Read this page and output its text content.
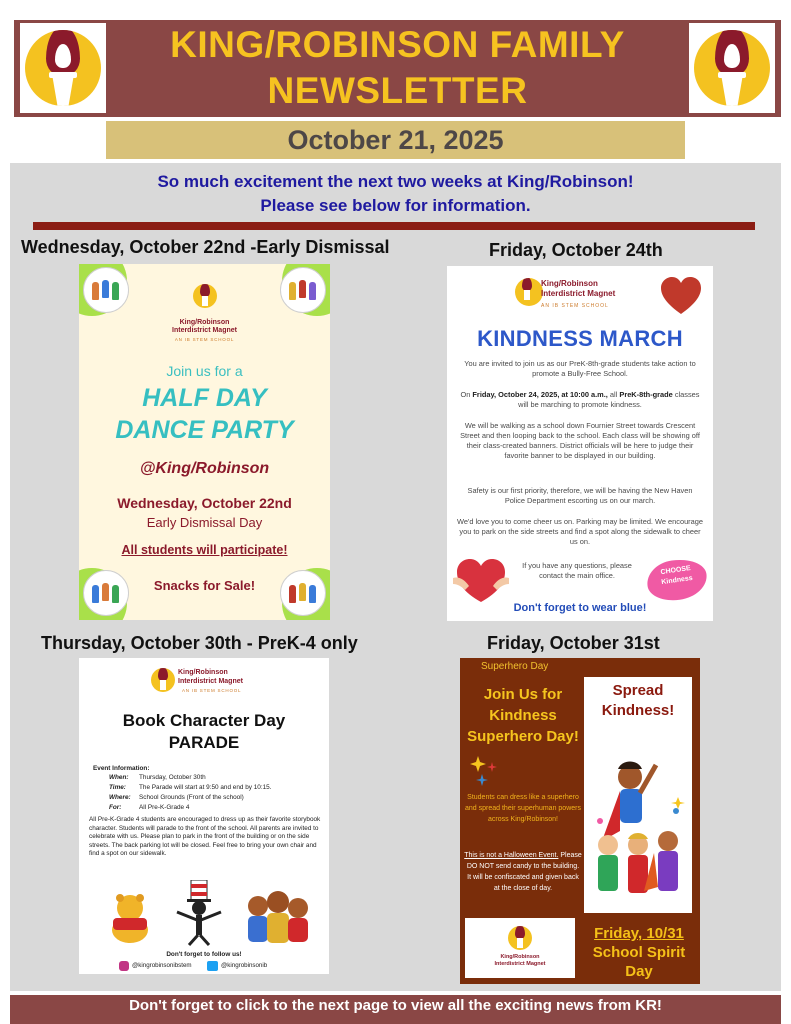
KING/ROBINSON FAMILY NEWSLETTER
October 21, 2025
So much excitement the next two weeks at King/Robinson!
Please see below for information.
Wednesday, October 22nd -Early Dismissal	Friday, October 24th
Thursday, October 30th - PreK-4 only	Friday, October 31st
King/Robinson
Interdistrict Magnet
AN IB STEM SCHOOL
Join us for a
HALF DAY
DANCE PARTY
@King/Robinson
Wednesday, October 22nd
Early Dismissal Day
All students will participate!
Snacks for Sale!
King/Robinson
Interdistrict Magnet
AN IB STEM SCHOOL
KINDNESS MARCH
You are invited to join us as our PreK-8th-grade students take action to promote a Bully-Free School.
On Friday, October 24, 2025, at 10:00 a.m., all PreK-8th-grade classes will be marching to promote kindness.
We will be walking as a school down Fournier Street towards Crescent Street and then looping back to the school. Each class will be showing off their class-created banners. District officials will be here to judge their favorite banner to be displayed in our building.
Safety is our first priority, therefore, we will be having the New Haven Police Department escorting us on our march.
We'd love you to come cheer us on. Parking may be limited. We encourage you to park on the side streets and find a spot along the sidewalk to cheer us on.
If you have any questions, please contact the main office.	CHOOSE
Kindness
Don't forget to wear blue!
King/Robinson
Interdistrict Magnet
AN IB STEM SCHOOL
Book Character Day
PARADE
Event Information:
When: Thursday, October 30th
Time: The Parade will start at 9:50 and end by 10:15.
Where: School Grounds (Front of the school)
For:	All Pre-K-Grade 4
All Pre-K-Grade 4 students are encouraged to dress up as their favorite storybook character. Students will parade to the front of the school. All parents are invited to celebrate with us. Please plan to park in the front of the building or on the side streets. The back parking lot will be closed. Feel free to bring your own chair and find a spot on our sidewalk.
Don't forget to follow us!
@kingrobinsonibstem	@kingrobinsonib
Superhero Day
Join Us for Kindness Superhero Day!
Spread Kindness!
Students can dress like a superhero and spread their superhuman powers across King/Robinson!
This is not a Halloween Event. Please DO NOT send candy to the building. It will be confiscated and given back at the close of day.
King/Robinson
Interdistrict Magnet
Friday, 10/31
School Spirit Day
Don't forget to click to the next page to view all the exciting news from KR!
